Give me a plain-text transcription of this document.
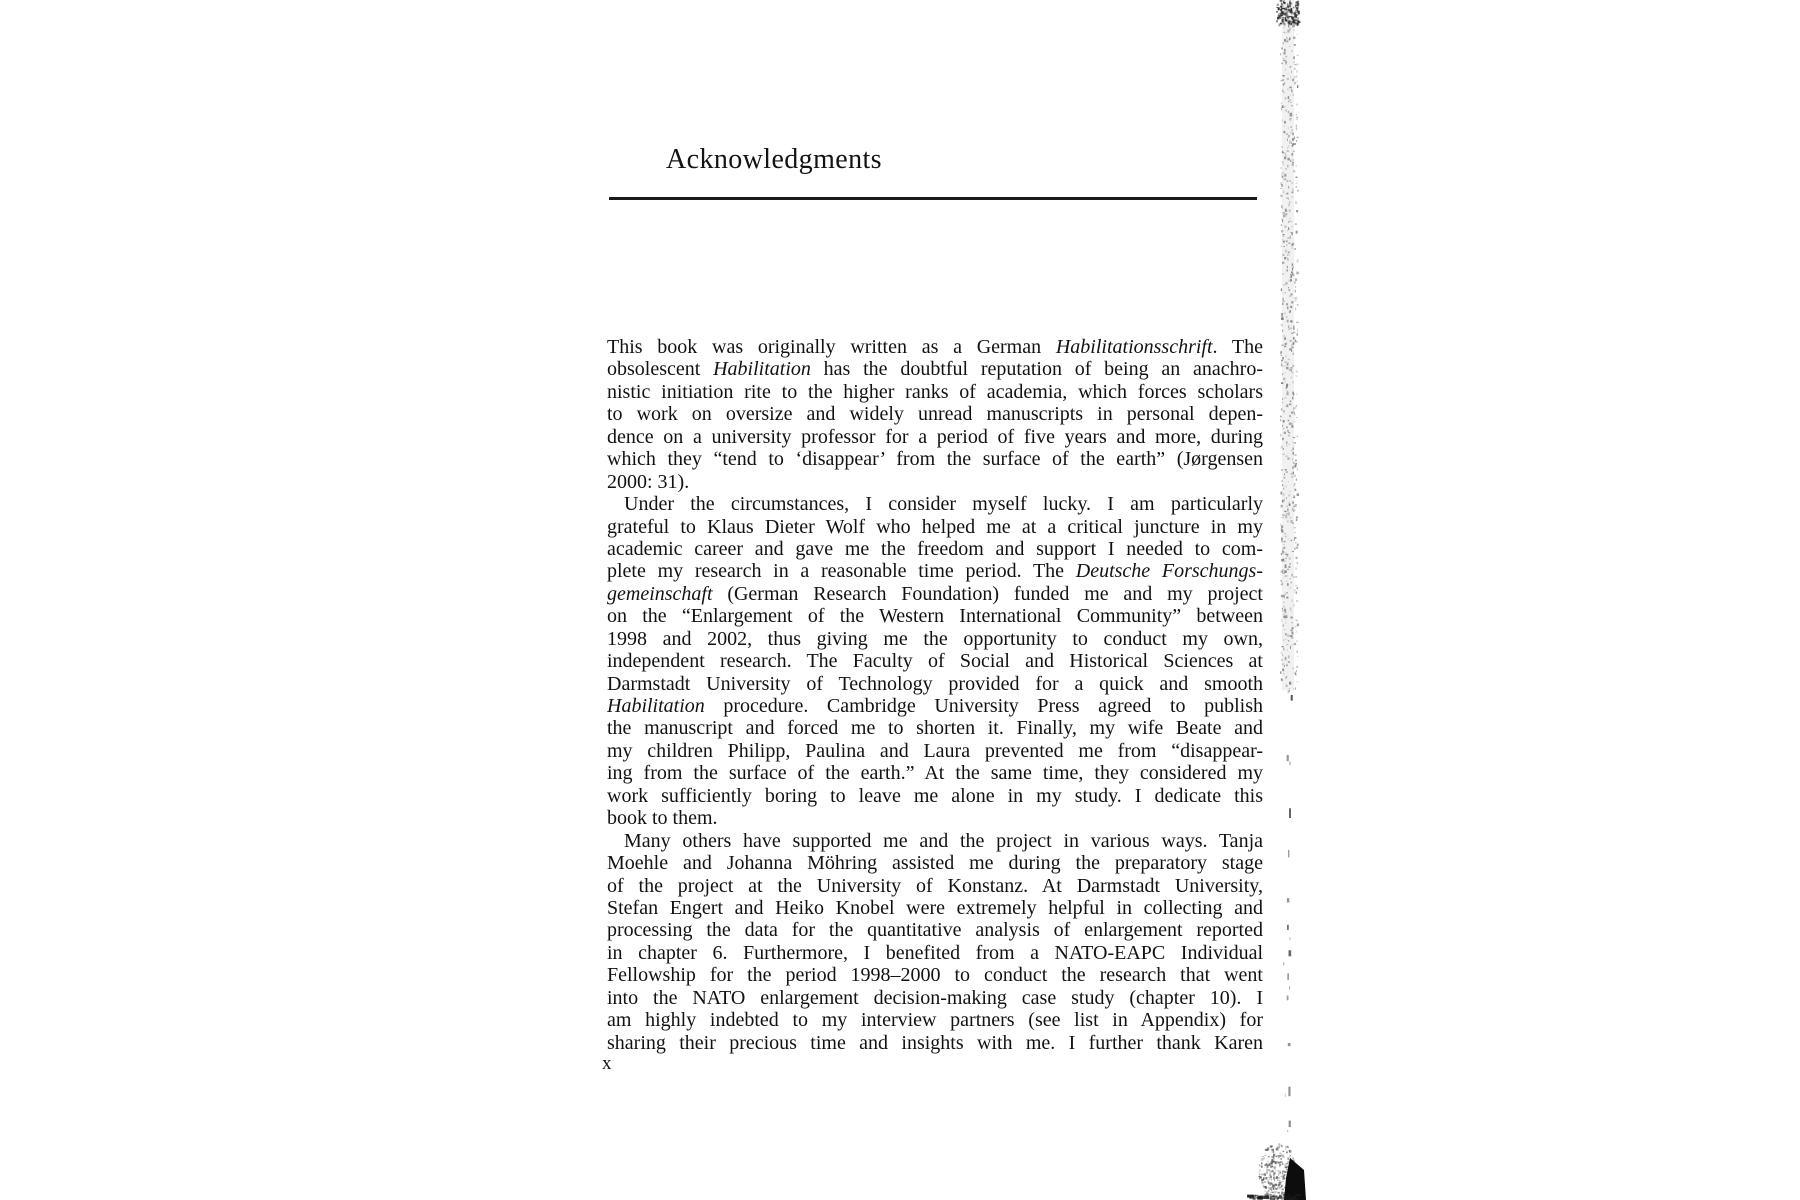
Acknowledgments
This book was originally written as a German Habilitationsschrift. The
obsolescent Habilitation has the doubtful reputation of being an anachro-
nistic initiation rite to the higher ranks of academia, which forces scholars
to work on oversize and widely unread manuscripts in personal depen-
dence on a university professor for a period of five years and more, during
which they “tend to ‘disappear’ from the surface of the earth” (Jørgensen
2000: 31).
Under the circumstances, I consider myself lucky. I am particularly
grateful to Klaus Dieter Wolf who helped me at a critical juncture in my
academic career and gave me the freedom and support I needed to com-
plete my research in a reasonable time period. The Deutsche Forschungs-
gemeinschaft (German Research Foundation) funded me and my project
on the “Enlargement of the Western International Community” between
1998 and 2002, thus giving me the opportunity to conduct my own,
independent research. The Faculty of Social and Historical Sciences at
Darmstadt University of Technology provided for a quick and smooth
Habilitation procedure. Cambridge University Press agreed to publish
the manuscript and forced me to shorten it. Finally, my wife Beate and
my children Philipp, Paulina and Laura prevented me from “disappear-
ing from the surface of the earth.” At the same time, they considered my
work sufficiently boring to leave me alone in my study. I dedicate this
book to them.
Many others have supported me and the project in various ways. Tanja
Moehle and Johanna Möhring assisted me during the preparatory stage
of the project at the University of Konstanz. At Darmstadt University,
Stefan Engert and Heiko Knobel were extremely helpful in collecting and
processing the data for the quantitative analysis of enlargement reported
in chapter 6. Furthermore, I benefited from a NATO-EAPC Individual
Fellowship for the period 1998–2000 to conduct the research that went
into the NATO enlargement decision-making case study (chapter 10). I
am highly indebted to my interview partners (see list in Appendix) for
sharing their precious time and insights with me. I further thank Karen
x
